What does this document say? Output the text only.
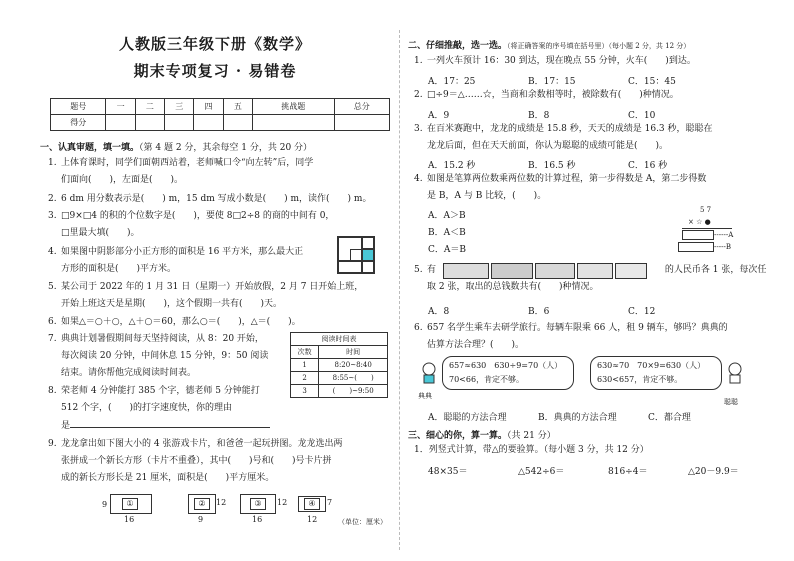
人教版三年级下册《数学》
期末专项复习 · 易错卷
题号	一	二	三	四	五	挑战题	总分
得分							
一、认真审题，填一填。（第 4 题 2 分，其余每空 1 分，共 20 分）
1. 上体育课时，同学们面朝西站着，老师喊口令“向左转”后，同学
们面向(　　)，左面是(　　)。
2. 6 dm 用分数表示是(　　) m，15 dm 写成小数是(　　) m，读作(　　) m。
3. □9×□4 的积的个位数字是(　　)，要使 8□2÷8 的商的中间有 0，
□里最大填(　　)。
4. 如果图中阴影部分小正方形的面积是 16 平方米，那么最大正
方形的面积是(　　)平方米。
5. 某公司于 2022 年的 1 月 31 日（星期一）开始放假，2 月 7 日开始上班，
开始上班这天是星期(　　)，这个假期一共有(　　)天。
6. 如果△＝○＋○，△＋○＝60，那么○＝(　　)，△＝(　　)。
7. 典典计划暑假期间每天坚持阅读，从 8：20 开始，
每次阅读 20 分钟，中间休息 15 分钟，9：50 阅读
结束。请你帮他完成阅读时间表。
阅读时间表	
次数	时间
1	8:20~8:40
2	8:55~(　　)
3	(　　)~9:50
8. 荣老师 4 分钟能打 385 个字，德老师 5 分钟能打
512 个字，(　　)的打字速度快，你的理由
是
9. 龙龙拿出如下图大小的 4 张游戏卡片，和爸爸一起玩拼图。龙龙选出两
张拼成一个新长方形（卡片不重叠），其中(　　)号和(　　)号卡片拼
成的新长方形长是 21 厘米，面积是(　　)平方厘米。
9	①
16
②	12
9
③	12
16
④	7
12	（单位：厘米）
二、仔细推敲，选一选。（将正确答案的序号填在括号里）（每小题 2 分，共 12 分）
1. 一列火车预计 16：30 到达，现在晚点 55 分钟，火车(　　)到达。
A．17：25	B．17：15	C．15：45
2. □÷9＝△……☆，当商和余数相等时，被除数有(　　)种情况。
A．9	B．8	C．10
3. 在百米赛跑中，龙龙的成绩是 15.8 秒，天天的成绩是 16.3 秒，聪聪在
龙龙后面，但在天天前面，你认为聪聪的成绩可能是(　　)。
A．15.2 秒	B．16.5 秒	C．16 秒
4. 如图是笔算两位数乘两位数的计算过程，第一步得数是 A，第二步得数
是 B，A 与 B 比较，(　　)。
A．A＞B
B．A＜B
C．A＝B
5 7
× ☆ ●
------ A
----- B
5. 有	的人民币各 1 张，每次任
取 2 张，取出的总钱数共有(　　)种情况。
A．8	B．6	C．12
6. 657 名学生乘车去研学旅行。每辆车限乘 66 人，租 9 辆车，够吗？典典的
估算方法合理？(　　)。
657≈630　630÷9=70（人）
70<66，肯定不够。
630≈70　70×9=630（人）
630<657，肯定不够。
典典
聪聪
A．聪聪的方法合理	B．典典的方法合理	C．都合理
三、细心的你，算一算。（共 21 分）
1．列竖式计算，带△的要验算。（每小题 3 分，共 12 分）
48×35＝	△542÷6＝	816÷4＝	△20－9.9＝
